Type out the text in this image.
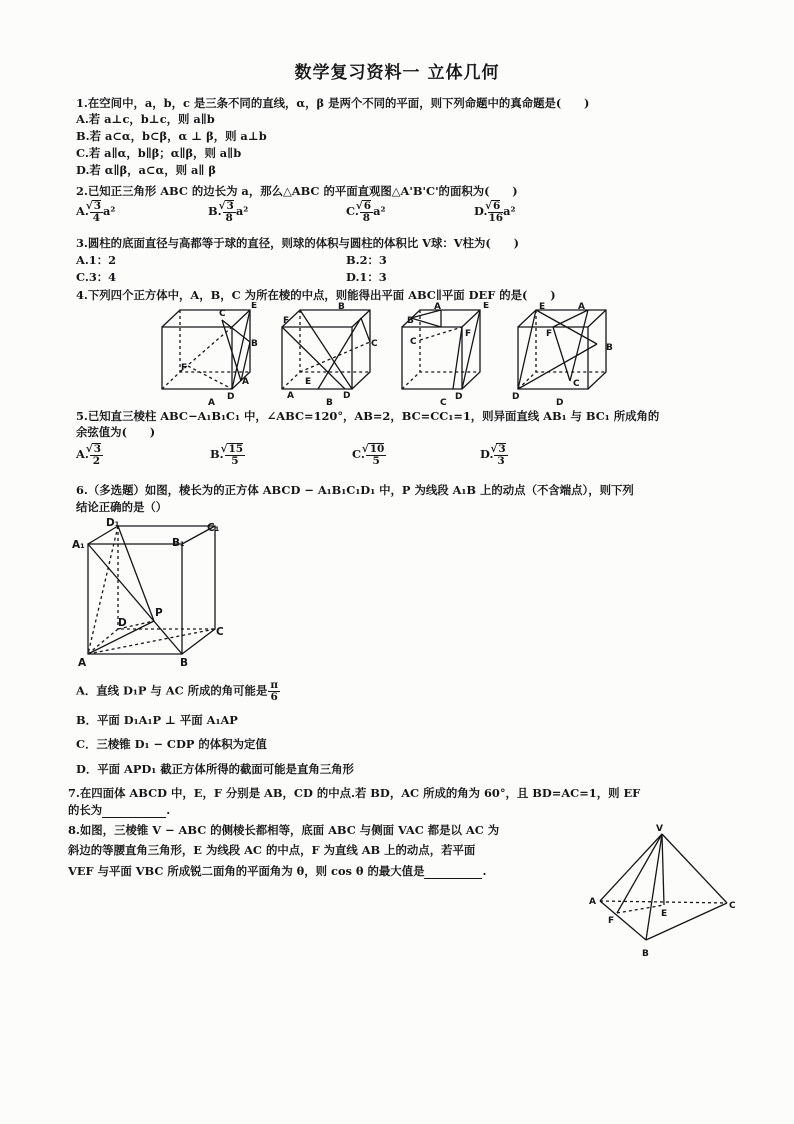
数学复习资料一 立体几何
1.在空间中，a，b，c 是三条不同的直线，α，β 是两个不同的平面，则下列命题中的真命题是(　　)
A.若 a⊥c，b⊥c，则 a∥b
B.若 a⊂α，b⊂β，α ⊥ β，则 a⊥b
C.若 a∥α，b∥β；α∥β，则 a∥b
D.若 α∥β，a⊂α，则 a∥ β
2.已知正三角形 ABC 的边长为 a，那么△ABC 的平面直观图△A'B'C'的面积为(　　)
A. √ $\frac{3}{4} a^2$	B. √ $\frac{3}{8} a^2$	C. √ $\frac{6}{8} a^2$	D. √ $\frac{6}{16} a^2$
3.圆柱的底面直径与高都等于球的直径，则球的体积与圆柱的体积比 V球：V柱为(　　)
A.1：2	B.2：3
C.3：4	D.1：3
4.下列四个正方体中，A，B，C 为所在棱的中点，则能得出平面 ABC∥平面 DEF 的是(　　)
C
E
B
F
A
D
F
B
C
E
A	D
A	E
B
F
C
D
E	A
B
F
C
D
A	B	C	D
5.已知直三棱柱 ABC−A₁B₁C₁ 中，∠ABC=120°，AB=2，BC=CC₁=1，则异面直线 AB₁ 与 BC₁ 所成角的
余弦值为(　　)
A. √ $\frac{3}{2}$	B. √ $\frac{15}{5}$	C. √ $\frac{10}{5}$	D. √ $\frac{3}{3}$
6.（多选题）如图，棱长为的正方体 ABCD − A₁B₁C₁D₁ 中，P 为线段 A₁B 上的动点（不含端点），则下列
结论正确的是（）
D₁	C₁
A₁	B₁
P
D
C
A	B
A．直线 D₁P 与 AC 所成的角可能是 $\frac{\pi}{6}$
B．平面 D₁A₁P ⊥ 平面 A₁AP
C．三棱锥 D₁ − CDP 的体积为定值
D．平面 APD₁ 截正方体所得的截面可能是直角三角形
7.在四面体 ABCD 中，E，F 分别是 AB，CD 的中点.若 BD，AC 所成的角为 60°，且 BD=AC=1，则 EF
的长为	.
8.如图，三棱锥 V − ABC 的侧棱长都相等，底面 ABC 与侧面 VAC 都是以 AC 为
斜边的等腰直角三角形，E 为线段 AC 的中点，F 为直线 AB 上的动点，若平面
VEF 与平面 VBC 所成锐二面角的平面角为 θ，则 cos θ 的最大值是	.
V
A	C
E
F
B
